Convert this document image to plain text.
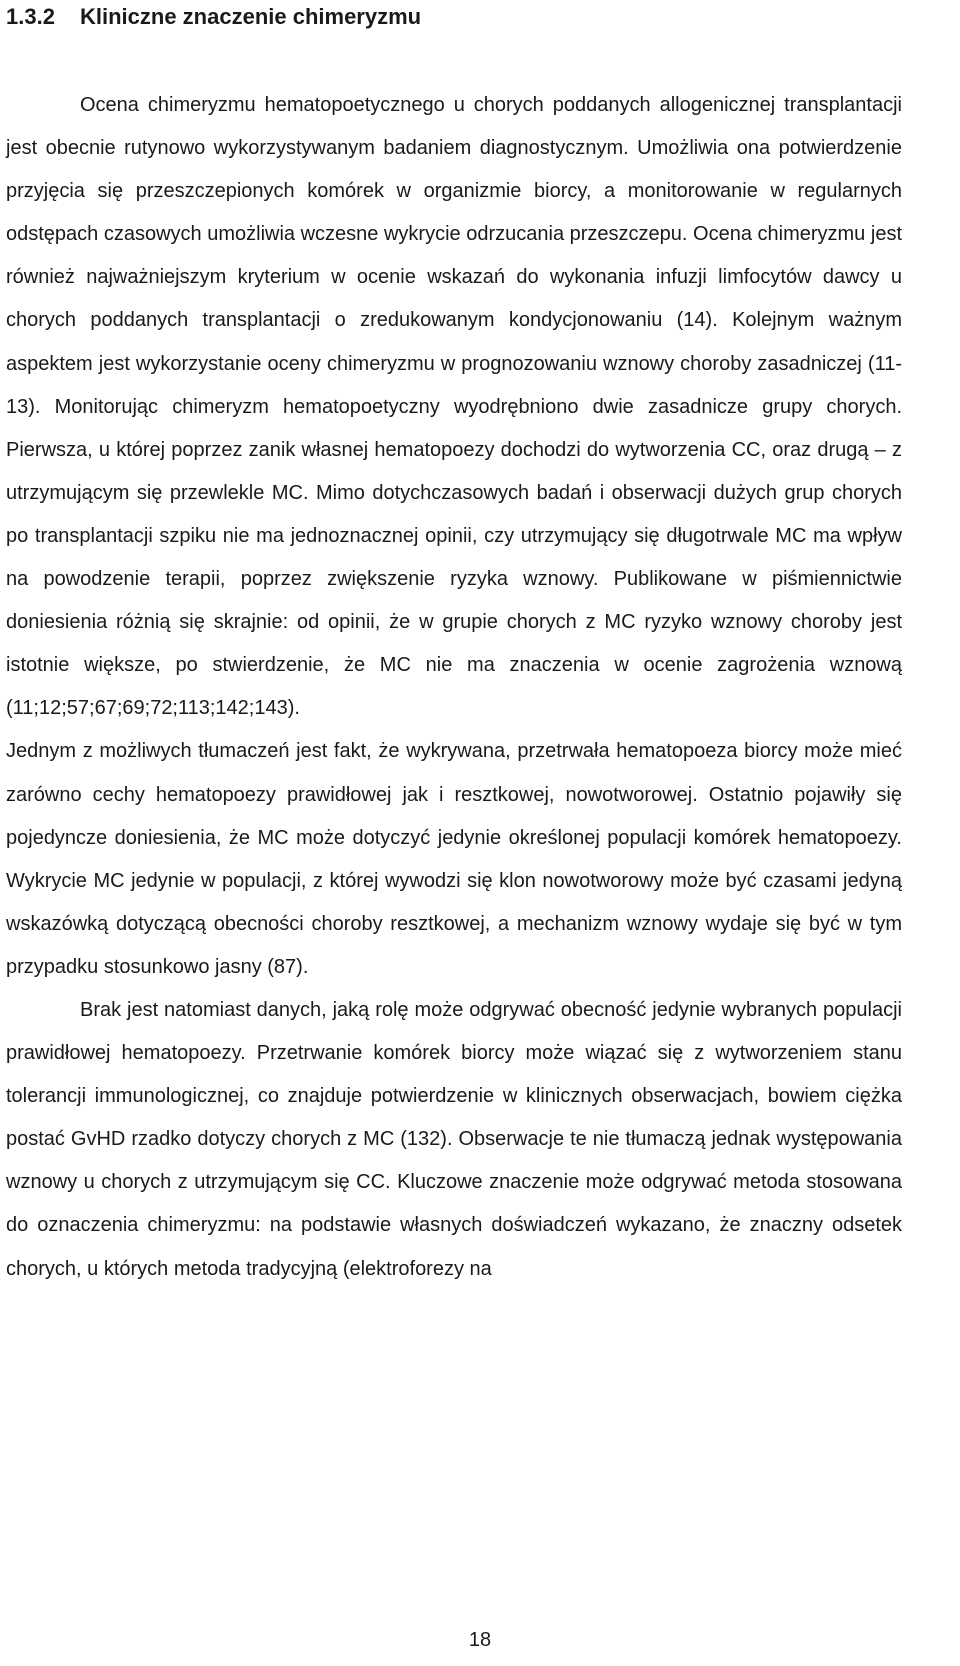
1.3.2 Kliniczne znaczenie chimeryzmu

Ocena chimeryzmu hematopoetycznego u chorych poddanych allogenicznej transplantacji jest obecnie rutynowo wykorzystywanym badaniem diagnostycznym. Umożliwia ona potwierdzenie przyjęcia się przeszczepionych komórek w organizmie biorcy, a monitorowanie w regularnych odstępach czasowych umożliwia wczesne wykrycie odrzucania przeszczepu. Ocena chimeryzmu jest również najważniejszym kryterium w ocenie wskazań do wykonania infuzji limfocytów dawcy u chorych poddanych transplantacji o zredukowanym kondycjonowaniu (14). Kolejnym ważnym aspektem jest wykorzystanie oceny chimeryzmu w prognozowaniu wznowy choroby zasadniczej (11-13). Monitorując chimeryzm hematopoetyczny wyodrębniono dwie zasadnicze grupy chorych. Pierwsza, u której poprzez zanik własnej hematopoezy dochodzi do wytworzenia CC, oraz drugą – z utrzymującym się przewlekle MC. Mimo dotychczasowych badań i obserwacji dużych grup chorych po transplantacji szpiku nie ma jednoznacznej opinii, czy utrzymujący się długotrwale MC ma wpływ na powodzenie terapii, poprzez zwiększenie ryzyka wznowy. Publikowane w piśmiennictwie doniesienia różnią się skrajnie: od opinii, że w grupie chorych z MC ryzyko wznowy choroby jest istotnie większe, po stwierdzenie, że MC nie ma znaczenia w ocenie zagrożenia wznową (11;12;57;67;69;72;113;142;143).

Jednym z możliwych tłumaczeń jest fakt, że wykrywana, przetrwała hematopoeza biorcy może mieć zarówno cechy hematopoezy prawidłowej jak i resztkowej, nowotworowej. Ostatnio pojawiły się pojedyncze doniesienia, że MC może dotyczyć jedynie określonej populacji komórek hematopoezy. Wykrycie MC jedynie w populacji, z której wywodzi się klon nowotworowy może być czasami jedyną wskazówką dotyczącą obecności choroby resztkowej, a mechanizm wznowy wydaje się być w tym przypadku stosunkowo jasny (87).

Brak jest natomiast danych, jaką rolę może odgrywać obecność jedynie wybranych populacji prawidłowej hematopoezy. Przetrwanie komórek biorcy może wiązać się z wytworzeniem stanu tolerancji immunologicznej, co znajduje potwierdzenie w klinicznych obserwacjach, bowiem ciężka postać GvHD rzadko dotyczy chorych z MC (132). Obserwacje te nie tłumaczą jednak występowania wznowy u chorych z utrzymującym się CC. Kluczowe znaczenie może odgrywać metoda stosowana do oznaczenia chimeryzmu: na podstawie własnych doświadczeń wykazano, że znaczny odsetek chorych, u których metoda tradycyjną (elektroforezy na

18
